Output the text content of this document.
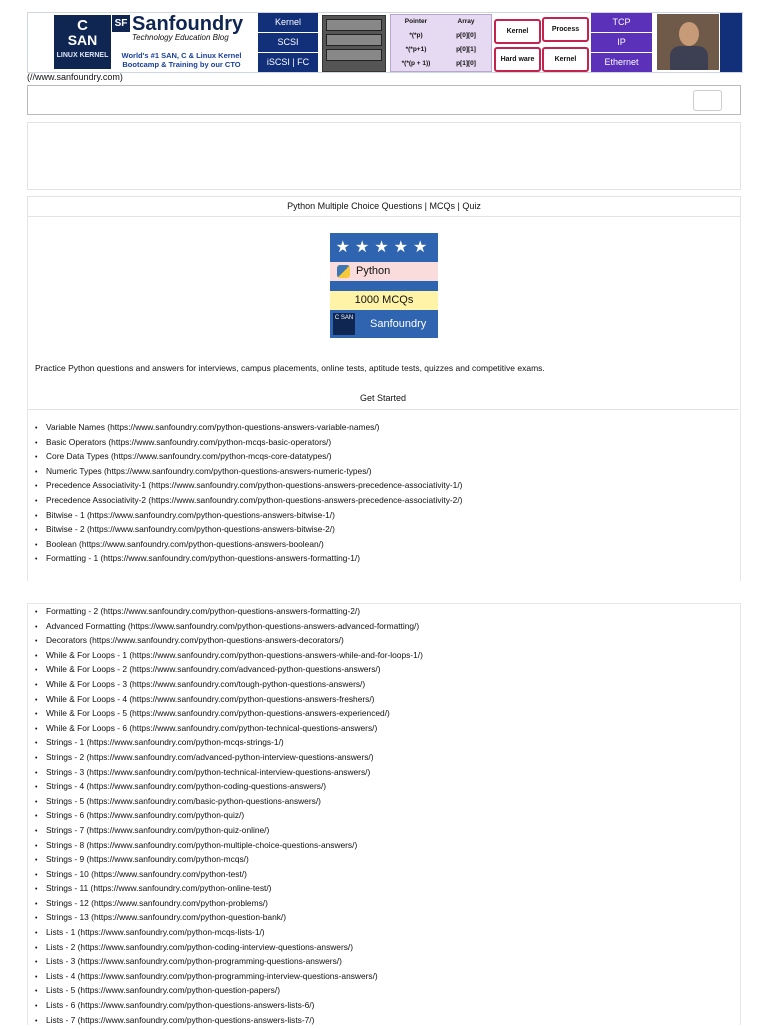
C
SAN
LINUX KERNEL
SF Sanfoundry
Technology Education Blog
World's #1 SAN, C & Linux Kernel Bootcamp & Training by our CTO
Kernel
SCSI
iSCSI | FC
Pointer	Array
*(*p)	p[0][0]
*(*p+1)	p[0][1]
*(*(p + 1))	p[1][0]
Kernel	Process
Hard ware	Kernel
TCP
IP
Ethernet
(//www.sanfoundry.com)
Python Multiple Choice Questions | MCQs | Quiz
★★★★★
Python
1000 MCQs
C SAN Sanfoundry
Practice Python questions and answers for interviews, campus placements, online tests, aptitude tests, quizzes and competitive exams.
Get Started
• Variable Names (https://www.sanfoundry.com/python-questions-answers-variable-names/)
• Basic Operators (https://www.sanfoundry.com/python-mcqs-basic-operators/)
• Core Data Types (https://www.sanfoundry.com/python-mcqs-core-datatypes/)
• Numeric Types (https://www.sanfoundry.com/python-questions-answers-numeric-types/)
• Precedence Associativity-1 (https://www.sanfoundry.com/python-questions-answers-precedence-associativity-1/)
• Precedence Associativity-2 (https://www.sanfoundry.com/python-questions-answers-precedence-associativity-2/)
• Bitwise - 1 (https://www.sanfoundry.com/python-questions-answers-bitwise-1/)
• Bitwise - 2 (https://www.sanfoundry.com/python-questions-answers-bitwise-2/)
• Boolean (https://www.sanfoundry.com/python-questions-answers-boolean/)
• Formatting - 1 (https://www.sanfoundry.com/python-questions-answers-formatting-1/)
• Formatting - 2 (https://www.sanfoundry.com/python-questions-answers-formatting-2/)
• Advanced Formatting (https://www.sanfoundry.com/python-questions-answers-advanced-formatting/)
• Decorators (https://www.sanfoundry.com/python-questions-answers-decorators/)
• While & For Loops - 1 (https://www.sanfoundry.com/python-questions-answers-while-and-for-loops-1/)
• While & For Loops - 2 (https://www.sanfoundry.com/advanced-python-questions-answers/)
• While & For Loops - 3 (https://www.sanfoundry.com/tough-python-questions-answers/)
• While & For Loops - 4 (https://www.sanfoundry.com/python-questions-answers-freshers/)
• While & For Loops - 5 (https://www.sanfoundry.com/python-questions-answers-experienced/)
• While & For Loops - 6 (https://www.sanfoundry.com/python-technical-questions-answers/)
• Strings - 1 (https://www.sanfoundry.com/python-mcqs-strings-1/)
• Strings - 2 (https://www.sanfoundry.com/advanced-python-interview-questions-answers/)
• Strings - 3 (https://www.sanfoundry.com/python-technical-interview-questions-answers/)
• Strings - 4 (https://www.sanfoundry.com/python-coding-questions-answers/)
• Strings - 5 (https://www.sanfoundry.com/basic-python-questions-answers/)
• Strings - 6 (https://www.sanfoundry.com/python-quiz/)
• Strings - 7 (https://www.sanfoundry.com/python-quiz-online/)
• Strings - 8 (https://www.sanfoundry.com/python-multiple-choice-questions-answers/)
• Strings - 9 (https://www.sanfoundry.com/python-mcqs/)
• Strings - 10 (https://www.sanfoundry.com/python-test/)
• Strings - 11 (https://www.sanfoundry.com/python-online-test/)
• Strings - 12 (https://www.sanfoundry.com/python-problems/)
• Strings - 13 (https://www.sanfoundry.com/python-question-bank/)
• Lists - 1 (https://www.sanfoundry.com/python-mcqs-lists-1/)
• Lists - 2 (https://www.sanfoundry.com/python-coding-interview-questions-answers/)
• Lists - 3 (https://www.sanfoundry.com/python-programming-questions-answers/)
• Lists - 4 (https://www.sanfoundry.com/python-programming-interview-questions-answers/)
• Lists - 5 (https://www.sanfoundry.com/python-question-papers/)
• Lists - 6 (https://www.sanfoundry.com/python-questions-answers-lists-6/)
• Lists - 7 (https://www.sanfoundry.com/python-questions-answers-lists-7/)
